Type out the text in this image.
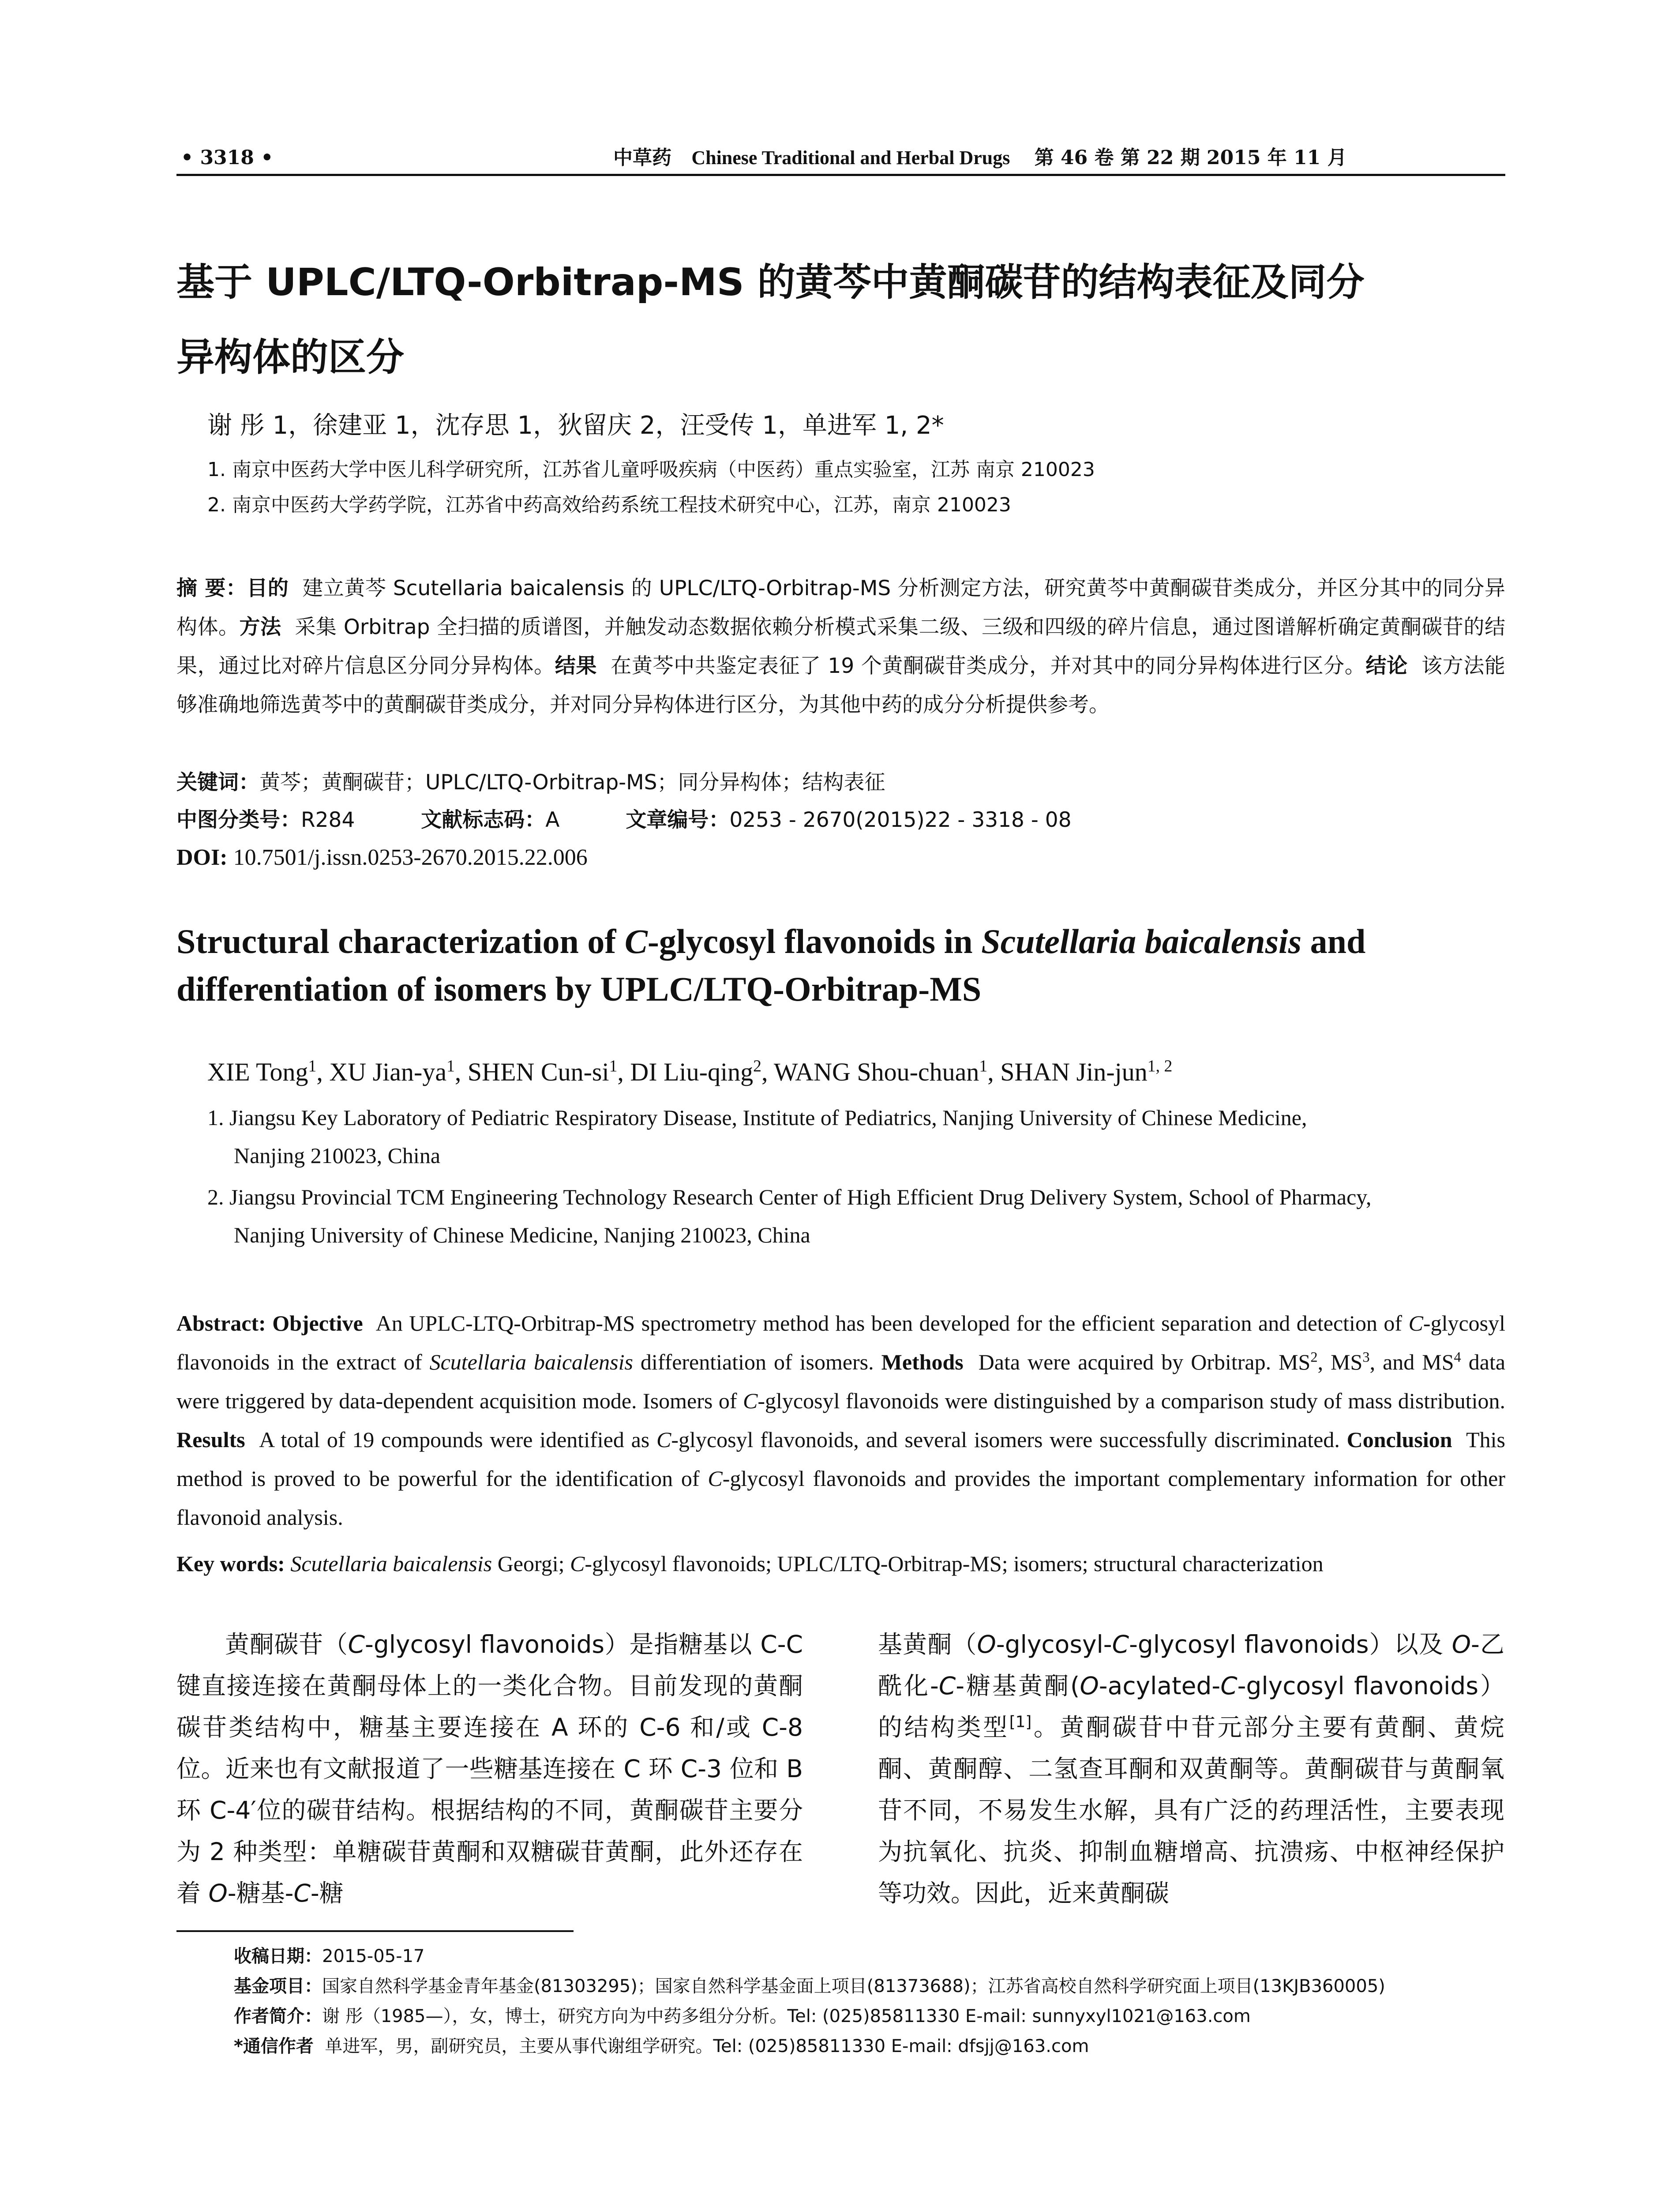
• 3318 •	中草药 Chinese Traditional and Herbal Drugs 第 46 卷 第 22 期 2015 年 11 月
基于 UPLC/LTQ-Orbitrap-MS 的黄芩中黄酮碳苷的结构表征及同分
异构体的区分
谢 彤 1，徐建亚 1，沈存思 1，狄留庆 2，汪受传 1，单进军 1, 2*
1. 南京中医药大学中医儿科学研究所，江苏省儿童呼吸疾病（中医药）重点实验室，江苏 南京 210023
2. 南京中医药大学药学院，江苏省中药高效给药系统工程技术研究中心，江苏，南京 210023
摘 要：目的 建立黄芩 Scutellaria baicalensis 的 UPLC/LTQ-Orbitrap-MS 分析测定方法，研究黄芩中黄酮碳苷类成分，并区分其中的同分异构体。方法 采集 Orbitrap 全扫描的质谱图，并触发动态数据依赖分析模式采集二级、三级和四级的碎片信息，通过图谱解析确定黄酮碳苷的结果，通过比对碎片信息区分同分异构体。结果 在黄芩中共鉴定表征了 19 个黄酮碳苷类成分，并对其中的同分异构体进行区分。结论 该方法能够准确地筛选黄芩中的黄酮碳苷类成分，并对同分异构体进行区分，为其他中药的成分分析提供参考。
关键词：黄芩；黄酮碳苷；UPLC/LTQ-Orbitrap-MS；同分异构体；结构表征
中图分类号：R284	文献标志码：A	文章编号：0253 - 2670(2015)22 - 3318 - 08
DOI: 10.7501/j.issn.0253-2670.2015.22.006
Structural characterization of C-glycosyl flavonoids in Scutellaria baicalensis and
differentiation of isomers by UPLC/LTQ-Orbitrap-MS
XIE Tong$^1$, XU Jian-$ya^1$, SHEN Cun-$si^1$, DI Liu-qing$^2$, WANG Shou-chuan$^1$, SHAN Jin-jun$^{1, 2}$
1. Jiangsu Key Laboratory of Pediatric Respiratory Disease, Institute of Pediatrics, Nanjing University of Chinese Medicine,
Nanjing 210023, China
2. Jiangsu Provincial TCM Engineering Technology Research Center of High Efficient Drug Delivery System, School of Pharmacy,
Nanjing University of Chinese Medicine, Nanjing 210023, China
Abstract: Objective An UPLC-LTQ-Orbitrap-MS spectrometry method has been developed for the efficient separation and detection of C-glycosyl flavonoids in the extract of Scutellaria baicalensis differentiation of isomers. Methods Data were acquired by Orbitrap. $MS^2$, $MS^3$, and $MS^4$ data were triggered by data-dependent acquisition mode. Isomers of C-glycosyl flavonoids were distinguished by a comparison study of mass distribution. Results A total of 19 compounds were identified as C-glycosyl flavonoids, and several isomers were successfully discriminated. Conclusion This method is proved to be powerful for the identification of C-glycosyl flavonoids and provides the important complementary information for other flavonoid analysis.
Key words: Scutellaria baicalensis Georgi; C-glycosyl flavonoids; UPLC/LTQ-Orbitrap-MS; isomers; structural characterization
黄酮碳苷（C-glycosyl flavonoids）是指糖基以 C-C 键直接连接在黄酮母体上的一类化合物。目前发现的黄酮碳苷类结构中，糖基主要连接在 A 环的 C-6 和/或 C-8 位。近来也有文献报道了一些糖基连接在 C 环 C-3 位和 B 环 C-4′位的碳苷结构。根据结构的不同，黄酮碳苷主要分为 2 种类型：单糖碳苷黄酮和双糖碳苷黄酮，此外还存在着 O-糖基-C-糖
基黄酮（O-glycosyl-C-glycosyl flavonoids）以及 O-乙酰化-C-糖基黄酮(O-acylated-C-glycosyl flavonoids）的结构类型[1]。黄酮碳苷中苷元部分主要有黄酮、黄烷酮、黄酮醇、二氢查耳酮和双黄酮等。黄酮碳苷与黄酮氧苷不同，不易发生水解，具有广泛的药理活性，主要表现为抗氧化、抗炎、抑制血糖增高、抗溃疡、中枢神经保护等功效。因此，近来黄酮碳
收稿日期：2015-05-17
基金项目：国家自然科学基金青年基金(81303295)；国家自然科学基金面上项目(81373688)；江苏省高校自然科学研究面上项目(13KJB360005)
作者简介：谢 彤（1985—），女，博士，研究方向为中药多组分分析。Tel: (025)85811330 E-mail: sunnyxyl1021@163.com
*通信作者 单进军，男，副研究员，主要从事代谢组学研究。Tel: (025)85811330 E-mail: dfsjj@163.com
